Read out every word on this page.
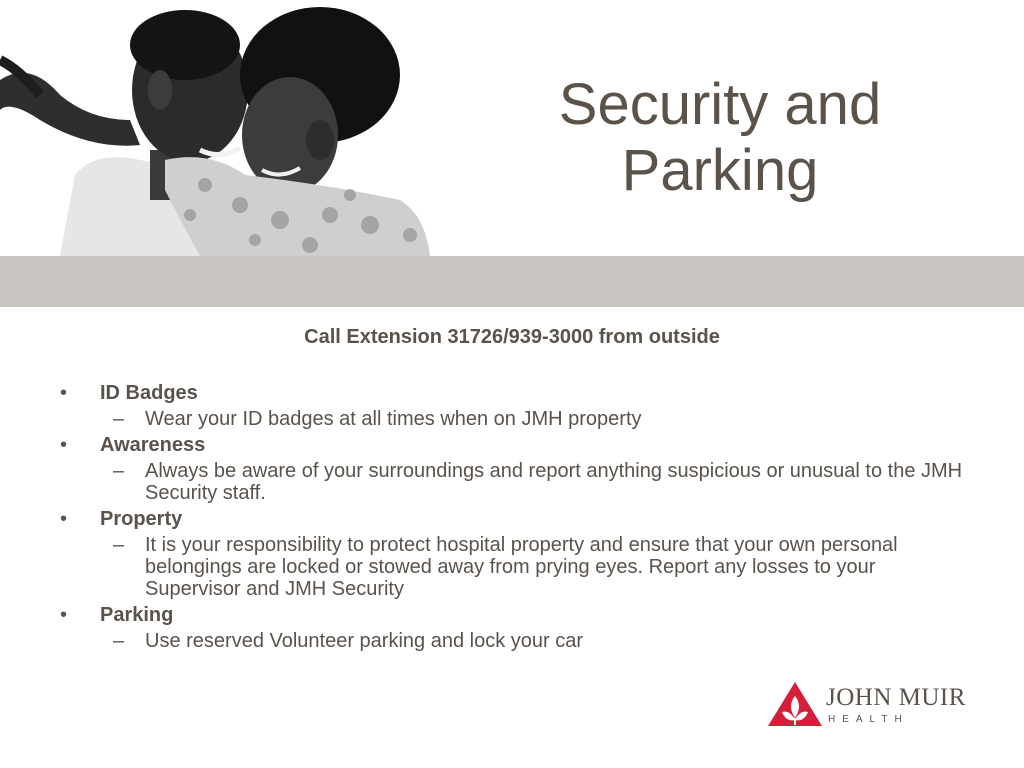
Security and
Parking

Call Extension 31726/939-3000 from outside

• ID Badges
– Wear your ID badges at all times when on JMH property
• Awareness
– Always be aware of your surroundings and report anything suspicious or unusual to the JMH Security staff.
• Property
– It is your responsibility to protect hospital property and ensure that your own personal belongings are locked or stowed away from prying eyes. Report any losses to your Supervisor and JMH Security
• Parking
– Use reserved Volunteer parking and lock your car
JOHN MUIR
HEALTH
